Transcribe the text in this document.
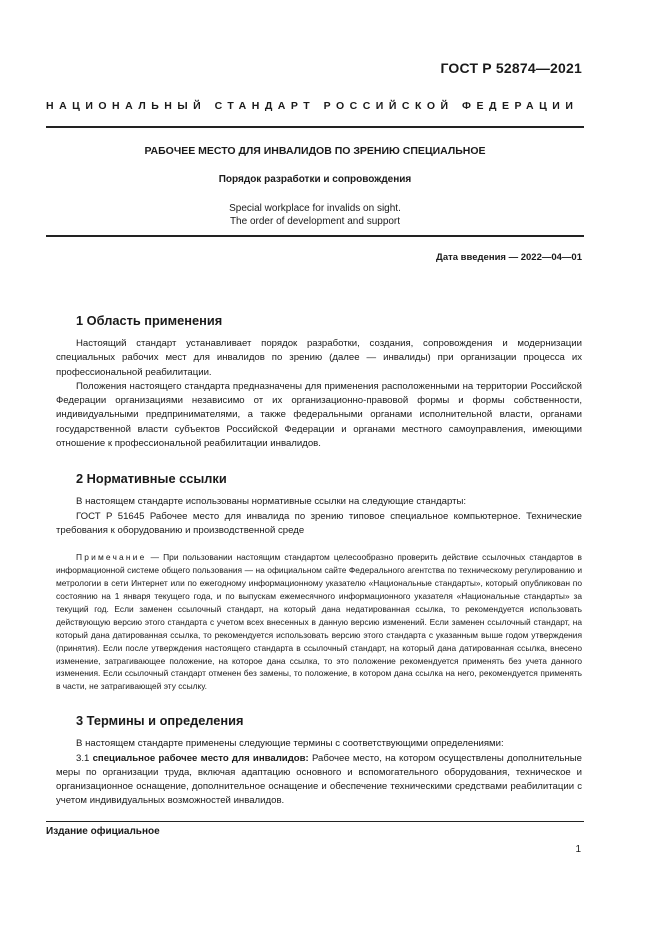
ГОСТ Р 52874—2021
НАЦИОНАЛЬНЫЙ СТАНДАРТ РОССИЙСКОЙ ФЕДЕРАЦИИ
РАБОЧЕЕ МЕСТО ДЛЯ ИНВАЛИДОВ ПО ЗРЕНИЮ СПЕЦИАЛЬНОЕ
Порядок разработки и сопровождения
Special workplace for invalids on sight.
The order of development and support
Дата введения — 2022—04—01
1 Область применения

Настоящий стандарт устанавливает порядок разработки, создания, сопровождения и модернизации специальных рабочих мест для инвалидов по зрению (далее — инвалиды) при организации процесса их профессиональной реабилитации.

Положения настоящего стандарта предназначены для применения расположенными на территории Российской Федерации организациями независимо от их организационно-правовой формы и формы собственности, индивидуальными предпринимателями, а также федеральными органами исполнительной власти, органами государственной власти субъектов Российской Федерации и органами местного самоуправления, имеющими отношение к профессиональной реабилитации инвалидов.

2 Нормативные ссылки

В настоящем стандарте использованы нормативные ссылки на следующие стандарты:

ГОСТ Р 51645 Рабочее место для инвалида по зрению типовое специальное компьютерное. Технические требования к оборудованию и производственной среде

Примечание — При пользовании настоящим стандартом целесообразно проверить действие ссылочных стандартов в информационной системе общего пользования — на официальном сайте Федерального агентства по техническому регулированию и метрологии в сети Интернет или по ежегодному информационному указателю «Национальные стандарты», который опубликован по состоянию на 1 января текущего года, и по выпускам ежемесячного информационного указателя «Национальные стандарты» за текущий год. Если заменен ссылочный стандарт, на который дана недатированная ссылка, то рекомендуется использовать действующую версию этого стандарта с учетом всех внесенных в данную версию изменений. Если заменен ссылочный стандарт, на который дана датированная ссылка, то рекомендуется использовать версию этого стандарта с указанным выше годом утверждения (принятия). Если после утверждения настоящего стандарта в ссылочный стандарт, на который дана датированная ссылка, внесено изменение, затрагивающее положение, на которое дана ссылка, то это положение рекомендуется применять без учета данного изменения. Если ссылочный стандарт отменен без замены, то положение, в котором дана ссылка на него, рекомендуется применять в части, не затрагивающей эту ссылку.

3 Термины и определения

В настоящем стандарте применены следующие термины с соответствующими определениями:

3.1 специальное рабочее место для инвалидов: Рабочее место, на котором осуществлены дополнительные меры по организации труда, включая адаптацию основного и вспомогательного оборудования, техническое и организационное оснащение, дополнительное оснащение и обеспечение техническими средствами реабилитации с учетом индивидуальных возможностей инвалидов.

Издание официальное
1
